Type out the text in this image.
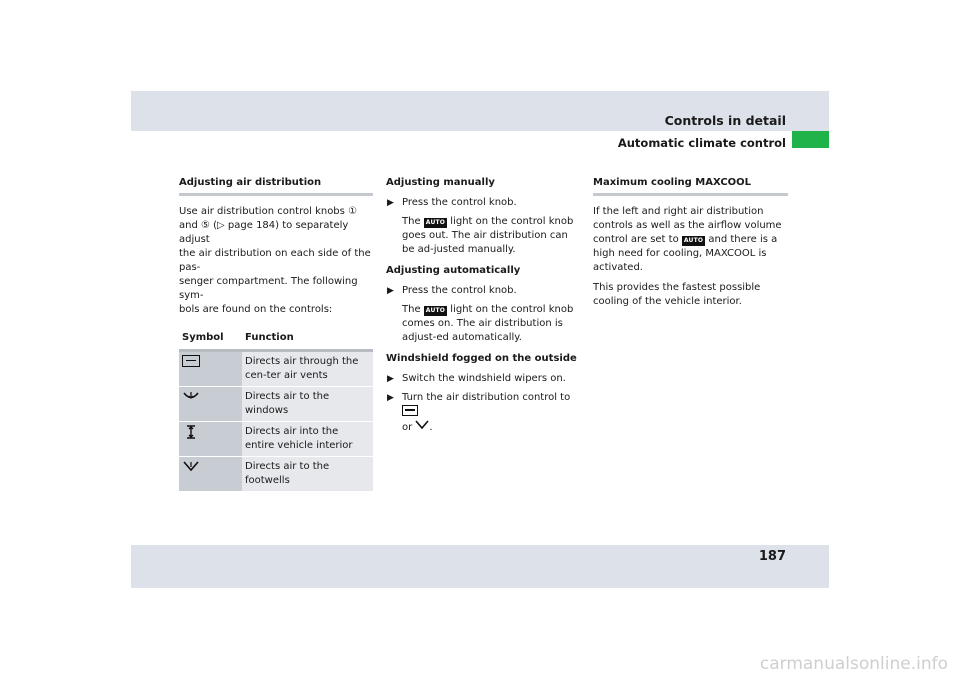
Controls in detail
Automatic climate control
Adjusting air distribution
Use air distribution control knobs ①
and ⑤ (▷ page 184) to separately adjust
the air distribution on each side of the pas-
senger compartment. The following sym-
bols are found on the controls:
Symbol	Function
	Directs air through the cen-ter air vents
	Directs air to the windows
	Directs air into the entire vehicle interior
	Directs air to the footwells
Adjusting manually
▶ Press the control knob.
The AUTO light on the control knob goes out. The air distribution can be ad-justed manually.
Adjusting automatically
▶ Press the control knob.
The AUTO light on the control knob comes on. The air distribution is adjust-ed automatically.
Windshield fogged on the outside
▶ Switch the windshield wipers on.
▶ Turn the air distribution control to
or .
Maximum cooling MAXCOOL
If the left and right air distribution controls as well as the airflow volume control are set to AUTO and there is a high need for cooling, MAXCOOL is activated.
This provides the fastest possible cooling of the vehicle interior.
187
carmanualsonline.info
